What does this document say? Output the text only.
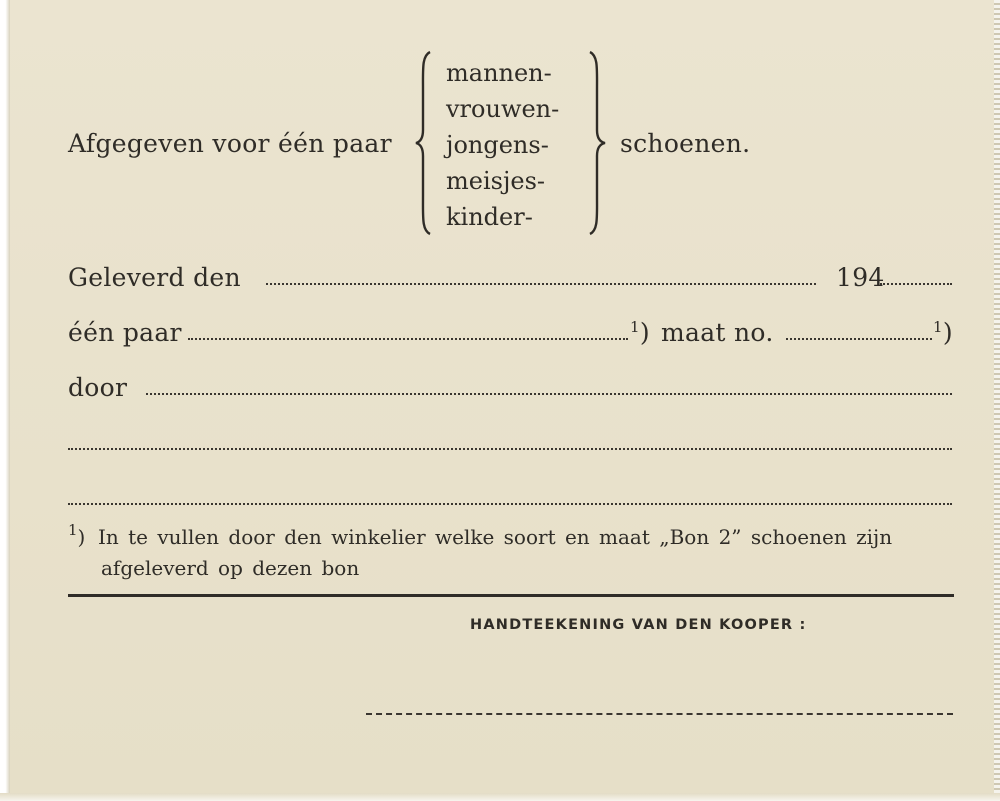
Afgegeven voor één paar
mannen-
vrouwen-
jongens-
meisjes-
kinder-
schoenen.
Geleverd den	194
één paar	$^1$) maat no.	$^1$)
door
$^1$) In te vullen door den winkelier welke soort en maat „Bon 2” schoenen zijn
afgeleverd op dezen bon
HANDTEEKENING VAN DEN KOOPER :
